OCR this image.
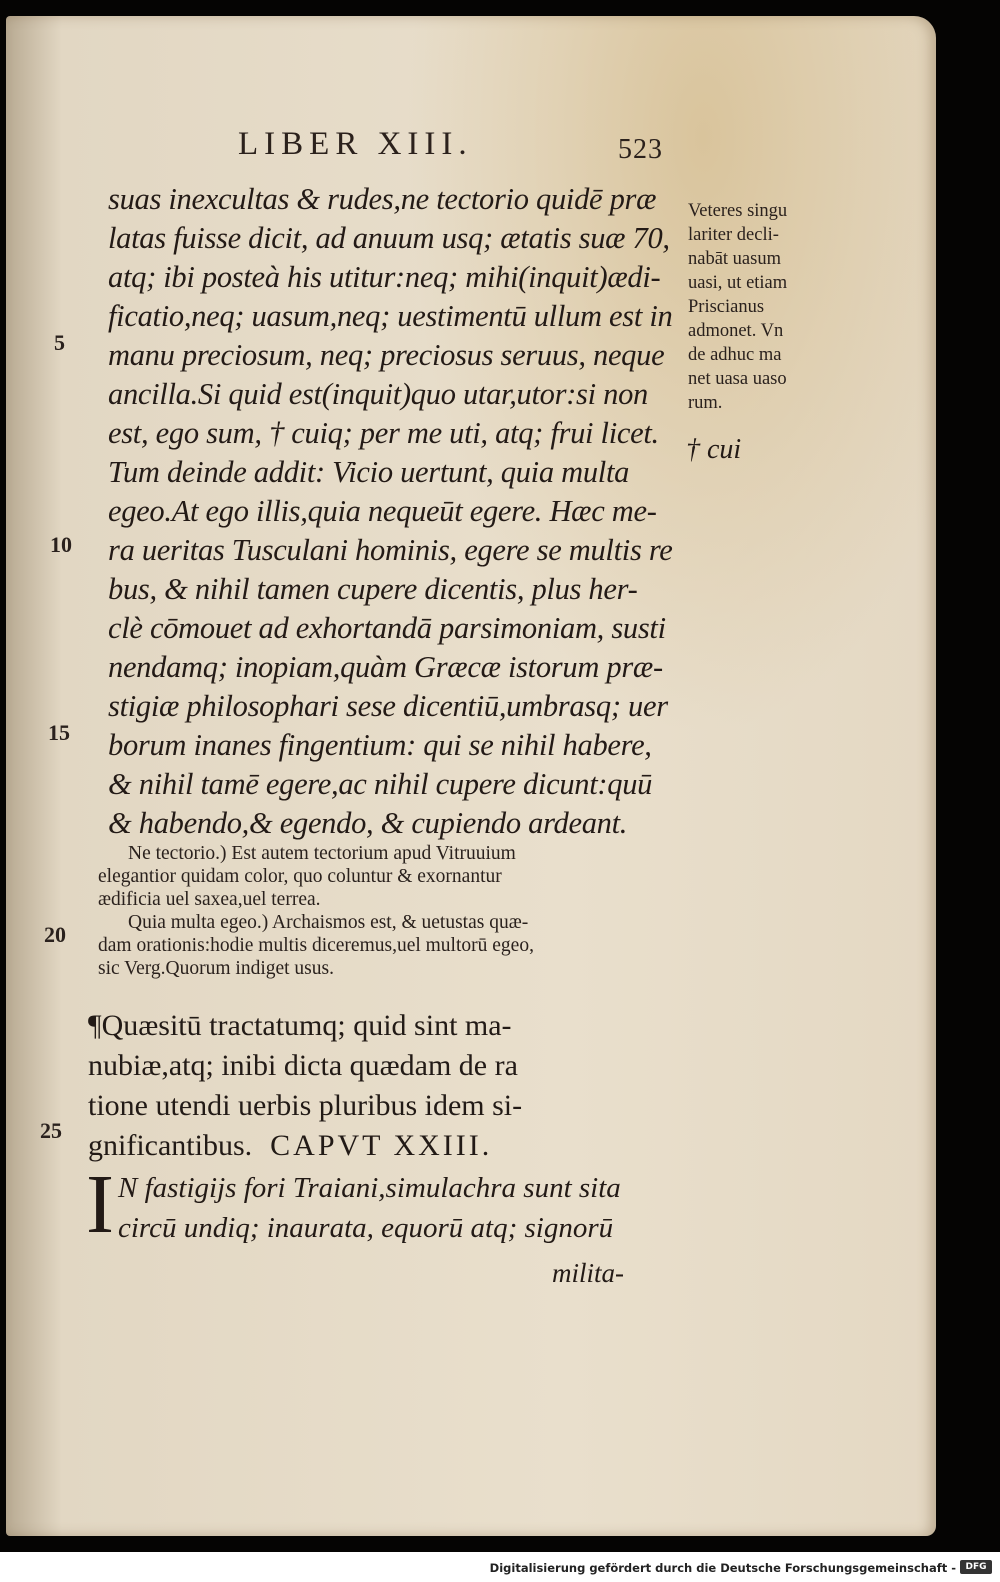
LIBER XIII.	523
suas inexcultas & rudes,ne tectorio quidē præ
latas fuisse dicit, ad anuum usq; ætatis suæ 70,
atq; ibi posteà his utitur:neq; mihi(inquit)ædi-
ficatio,neq; uasum,neq; uestimentū ullum est in
manu preciosum, neq; preciosus seruus, neque
ancilla.Si quid est(inquit)quo utar,utor:si non
est, ego sum, † cuiq; per me uti, atq; frui licet.
Tum deinde addit: Vicio uertunt, quia multa
egeo.At ego illis,quia nequeūt egere. Hæc me-
ra ueritas Tusculani hominis, egere se multis re
bus, & nihil tamen cupere dicentis, plus her-
clè cōmouet ad exhortandā parsimoniam, susti
nendamq; inopiam,quàm Græcæ istorum præ-
stigiæ philosophari sese dicentiū,umbrasq; uer
borum inanes fingentium: qui se nihil habere,
& nihil tamē egere,ac nihil cupere dicunt:quū
& habendo,& egendo, & cupiendo ardeant.
Ne tectorio.) Est autem tectorium apud Vitruuium
elegantior quidam color, quo coluntur & exornantur
ædificia uel saxea,uel terrea.
Quia multa egeo.) Archaismos est, & uetustas quæ-
dam orationis:hodie multis diceremus,uel multorū egeo,
sic Verg.Quorum indiget usus.
¶Quæsitū tractatumq; quid sint ma-
nubiæ,atq; inibi dicta quædam de ra
tione utendi uerbis pluribus idem si-
gnificantibus. CAPVT XXIII.
I N fastigijs fori Traiani,simulachra sunt sita
circū undiq; inaurata, equorū atq; signorū
milita-
Veteres singu
lariter decli-
nabāt uasum
uasi, ut etiam
Priscianus
admonet. Vn
de adhuc ma
net uasa uaso
rum.
† cui
5
10
15
20
25
Digitalisierung gefördert durch die Deutsche Forschungsgemeinschaft -	DFG
